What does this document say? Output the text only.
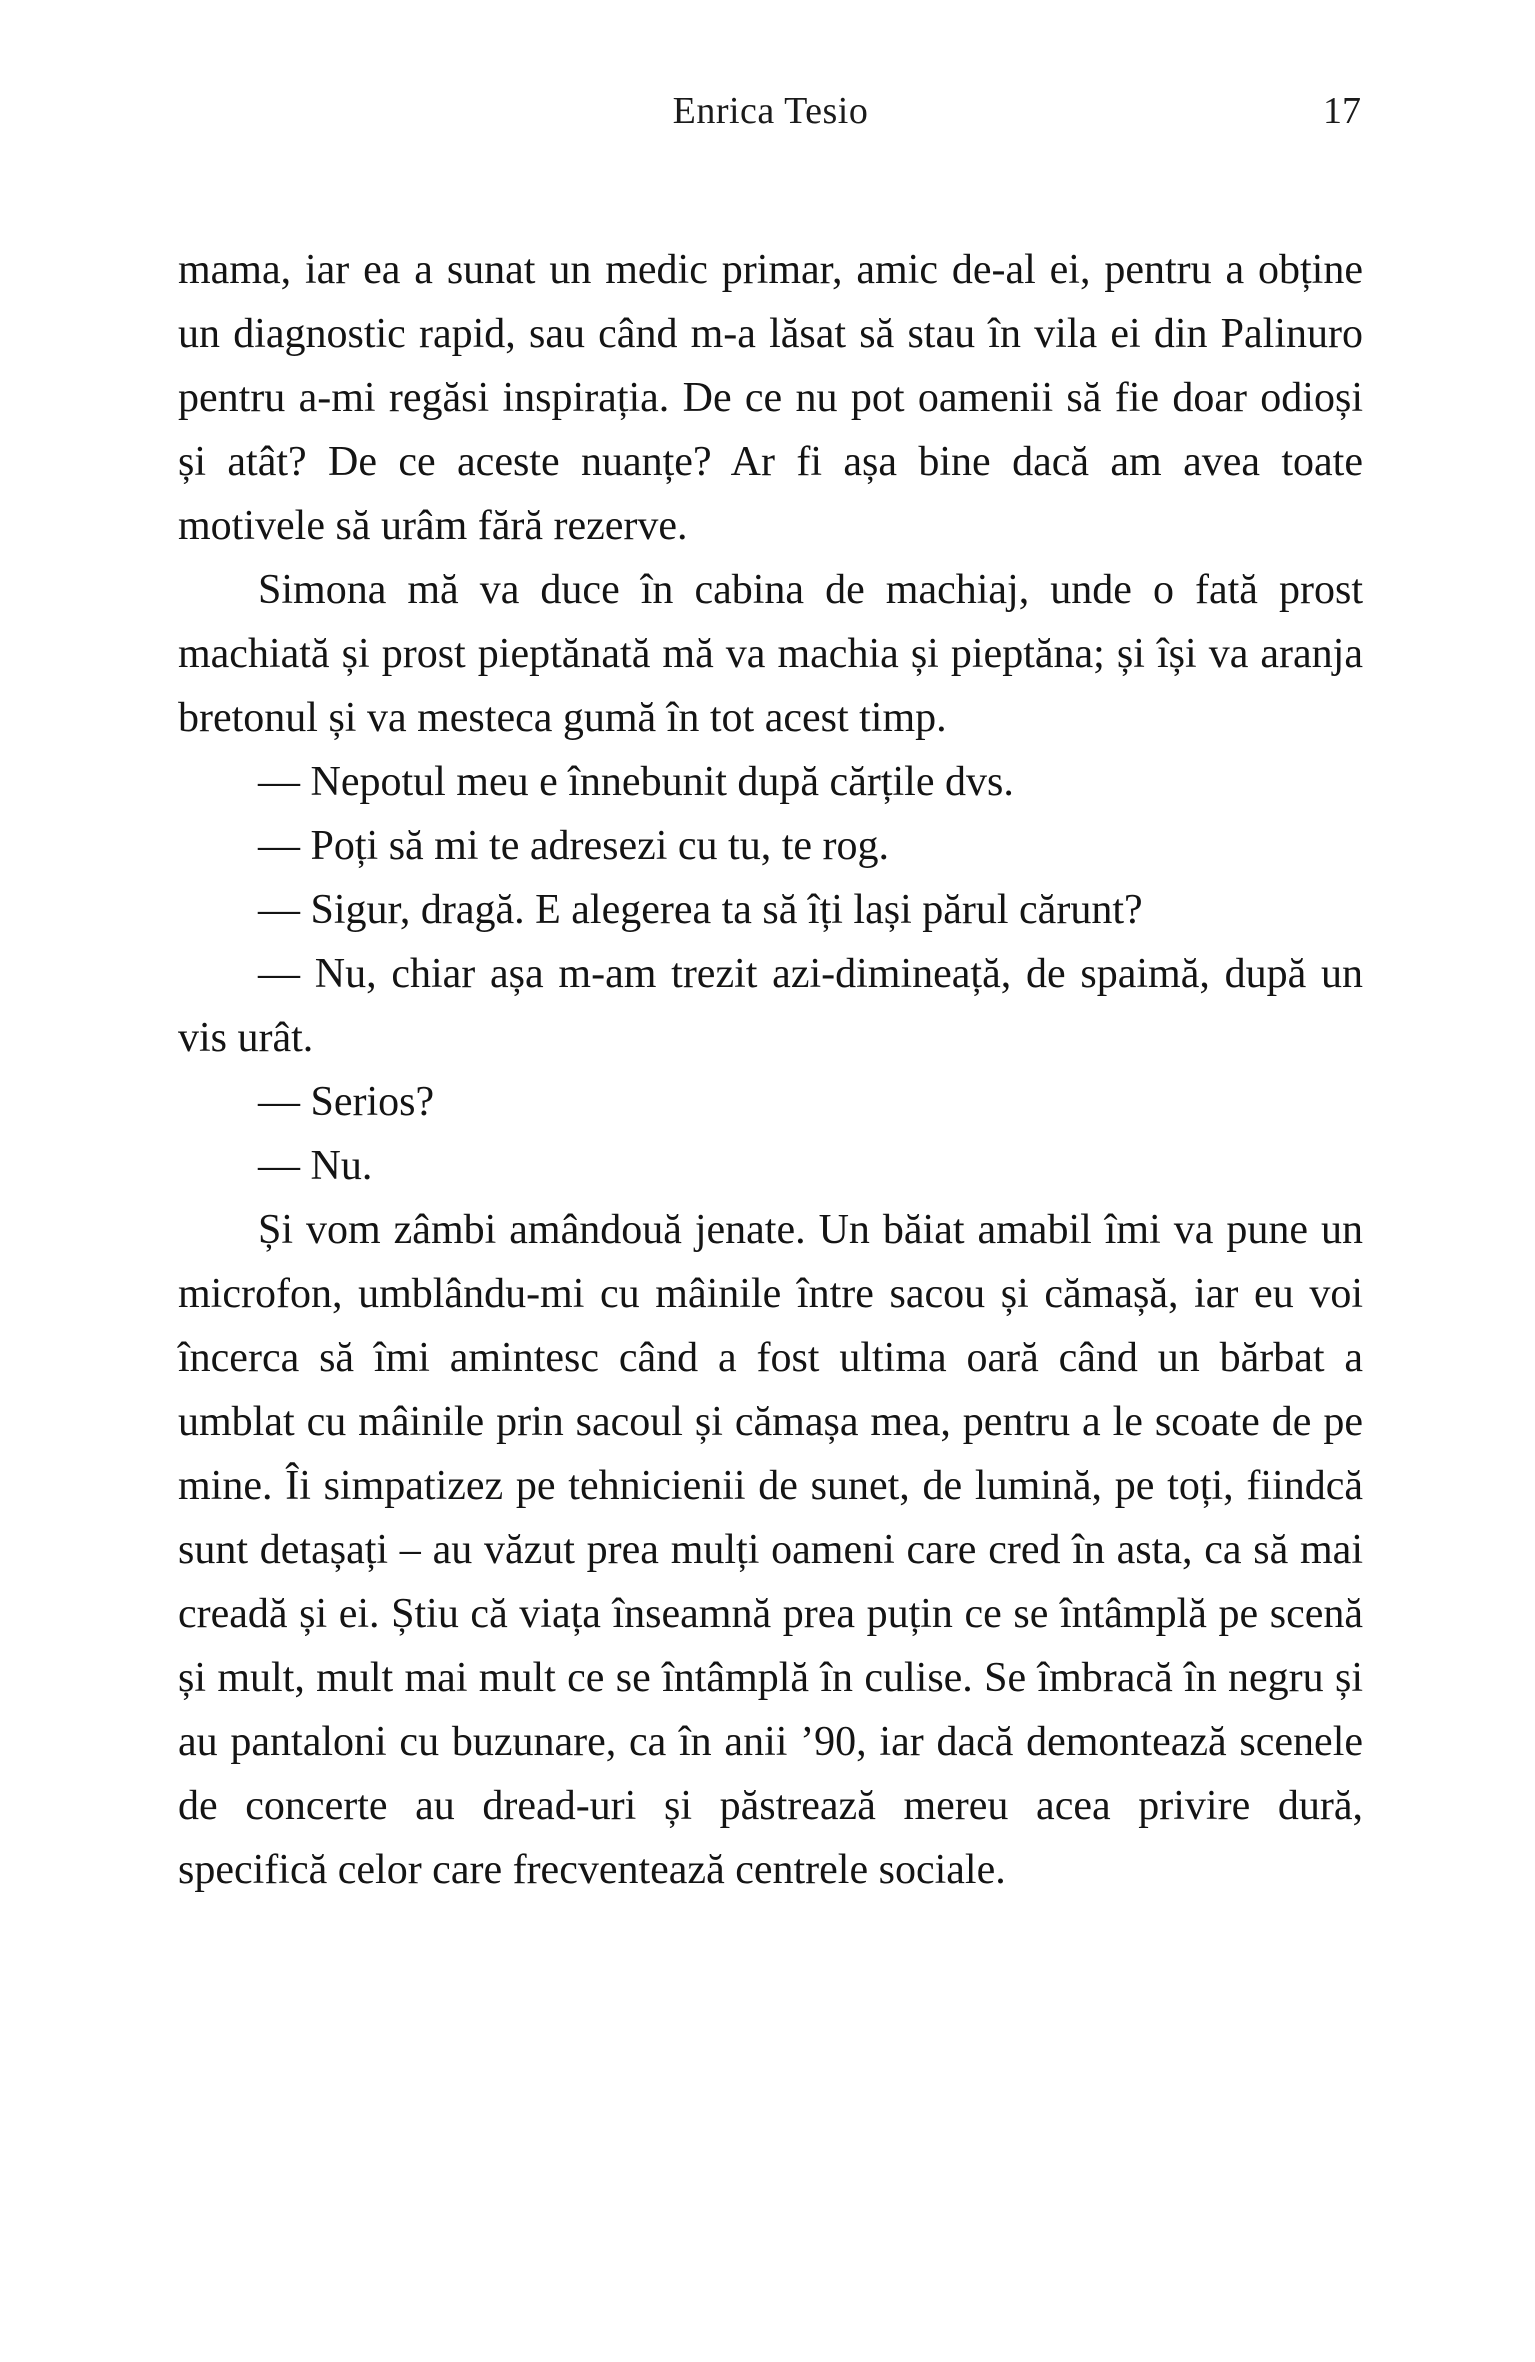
Enrica Tesio	17

mama, iar ea a sunat un medic primar, amic de-al ei, pentru a obține un diagnostic rapid, sau când m-a lăsat să stau în vila ei din Palinuro pentru a-mi regăsi inspirația. De ce nu pot oamenii să fie doar odioși și atât? De ce aceste nuanțe? Ar fi așa bine dacă am avea toate motivele să urâm fără rezerve.

Simona mă va duce în cabina de machiaj, unde o fată prost machiată și prost pieptănată mă va machia și pieptăna; și își va aranja bretonul și va mesteca gumă în tot acest timp.

— Nepotul meu e înnebunit după cărțile dvs.

— Poți să mi te adresezi cu tu, te rog.

— Sigur, dragă. E alegerea ta să îți lași părul cărunt?

— Nu, chiar așa m-am trezit azi-dimineață, de spaimă, după un vis urât.

— Serios?

— Nu.

Și vom zâmbi amândouă jenate. Un băiat amabil îmi va pune un microfon, umblându-mi cu mâinile între sacou și cămașă, iar eu voi încerca să îmi amintesc când a fost ultima oară când un bărbat a umblat cu mâinile prin sacoul și cămașa mea, pentru a le scoate de pe mine. Îi simpatizez pe tehnicienii de sunet, de lumină, pe toți, fiindcă sunt detașați – au văzut prea mulți oameni care cred în asta, ca să mai creadă și ei. Știu că viața înseamnă prea puțin ce se întâmplă pe scenă și mult, mult mai mult ce se întâmplă în culise. Se îmbracă în negru și au pantaloni cu buzunare, ca în anii ’90, iar dacă demontează scenele de concerte au dread-uri și păstrează mereu acea privire dură, specifică celor care frecventează centrele sociale.
